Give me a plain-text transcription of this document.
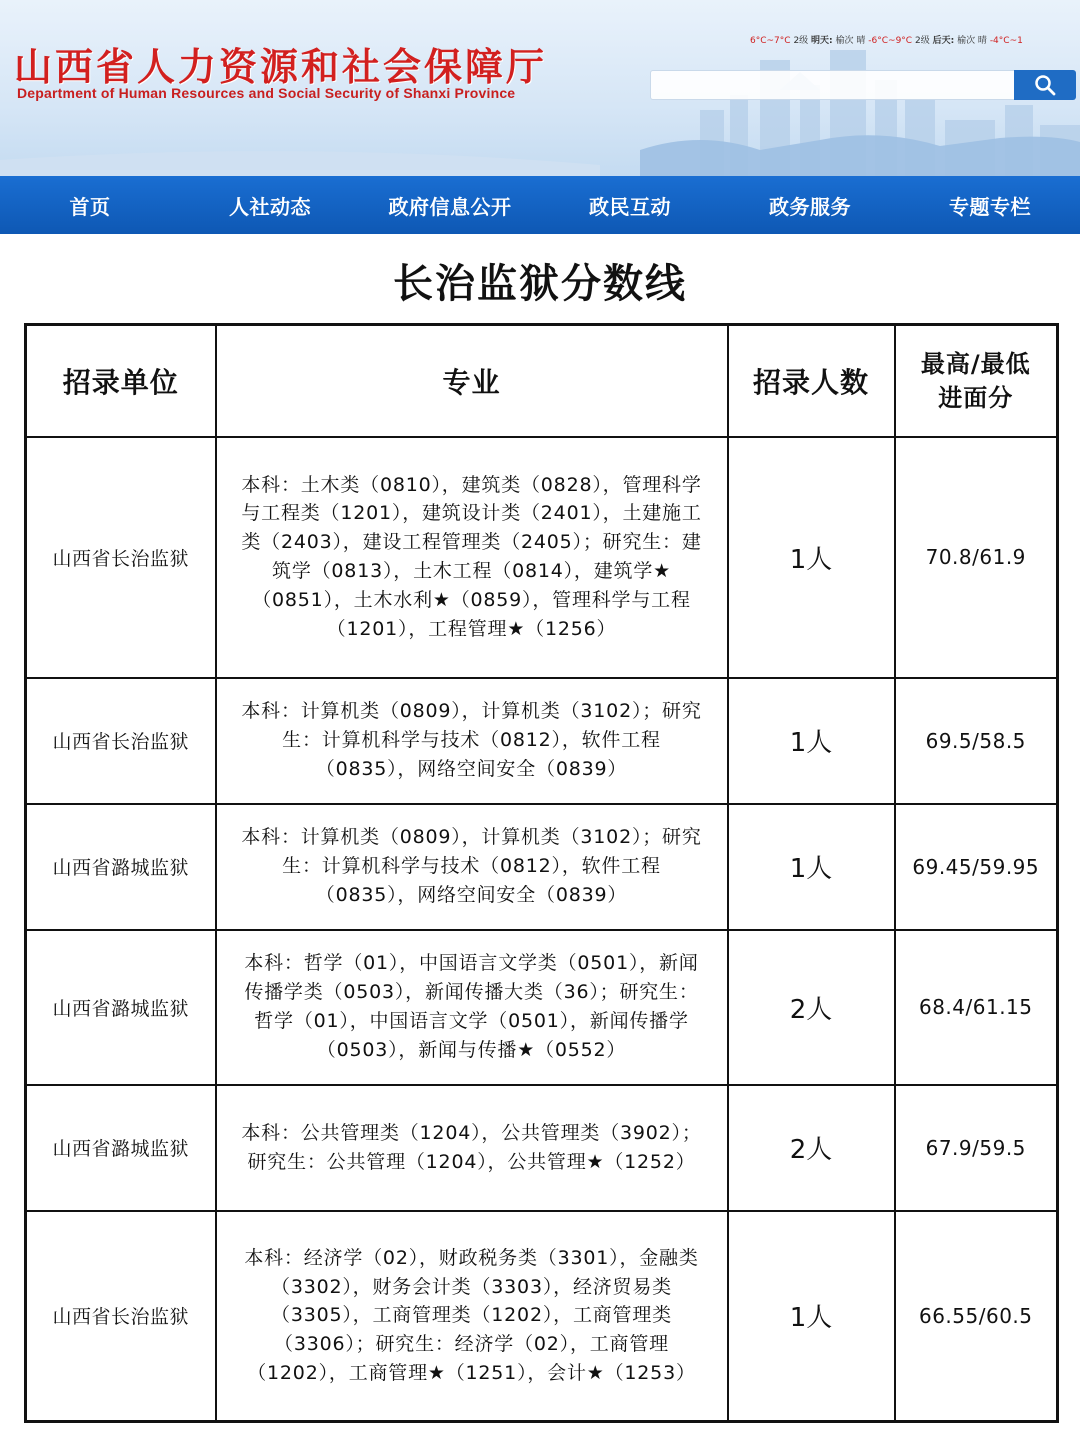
山西省人力资源和社会保障厅
Department of Human Resources and Social Security of Shanxi Province
6°C~7°C 2级 明天: 榆次 晴 -6°C~9°C 2级 后天: 榆次 晴 -4°C~1
首页	人社动态	政府信息公开	政民互动	政务服务	专题专栏
长治监狱分数线
招录单位	专业	招录人数	最高/最低
进面分
山西省长治监狱	本科：土木类（0810），建筑类（0828），管理科学与工程类（1201），建筑设计类（2401），土建施工类（2403），建设工程管理类（2405）；研究生：建筑学（0813），土木工程（0814），建筑学★（0851），土木水利★（0859），管理科学与工程（1201），工程管理★（1256）	1人	70.8/61.9
山西省长治监狱	本科：计算机类（0809），计算机类（3102）；研究生：计算机科学与技术（0812），软件工程（0835），网络空间安全（0839）	1人	69.5/58.5
山西省潞城监狱	本科：计算机类（0809），计算机类（3102）；研究生：计算机科学与技术（0812），软件工程（0835），网络空间安全（0839）	1人	69.45/59.95
山西省潞城监狱	本科：哲学（01），中国语言文学类（0501），新闻传播学类（0503），新闻传播大类（36）；研究生：哲学（01），中国语言文学（0501），新闻传播学（0503），新闻与传播★（0552）	2人	68.4/61.15
山西省潞城监狱	本科：公共管理类（1204），公共管理类（3902）；研究生：公共管理（1204），公共管理★（1252）	2人	67.9/59.5
山西省长治监狱	本科：经济学（02），财政税务类（3301），金融类（3302），财务会计类（3303），经济贸易类（3305），工商管理类（1202），工商管理类（3306）；研究生：经济学（02），工商管理（1202），工商管理★（1251），会计★（1253）	1人	66.55/60.5
